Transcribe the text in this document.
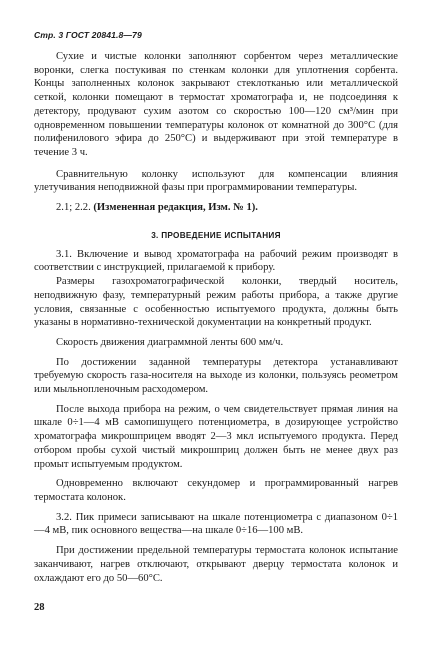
Стр. 3 ГОСТ 20841.8—79

Сухие и чистые колонки заполняют сорбентом через металлические воронки, слегка постукивая по стенкам колонки для уплотнения сорбента. Концы заполненных колонок закрывают стеклотканью или металлической сеткой, колонки помещают в термостат хроматографа и, не подсоединяя к детектору, продувают сухим азотом со скоростью 100—120 см³/мин при одновременном повышении температуры колонок от комнатной до 300°С (для полифенилового эфира до 250°С) и выдерживают при этой температуре в течение 3 ч.

Сравнительную колонку используют для компенсации влияния улетучивания неподвижной фазы при программировании температуры.

2.1; 2.2. (Измененная редакция, Изм. № 1).

3. ПРОВЕДЕНИЕ ИСПЫТАНИЯ

3.1. Включение и вывод хроматографа на рабочий режим производят в соответствии с инструкцией, прилагаемой к прибору.

Размеры газохроматографической колонки, твердый носитель, неподвижную фазу, температурный режим работы прибора, а также другие условия, связанные с особенностью испытуемого продукта, должны быть указаны в нормативно-технической документации на конкретный продукт.

Скорость движения диаграммной ленты 600 мм/ч.

По достижении заданной температуры детектора устанавливают требуемую скорость газа-носителя на выходе из колонки, пользуясь реометром или мыльнопленочным расходомером.

После выхода прибора на режим, о чем свидетельствует прямая линия на шкале 0÷1—4 мВ самопишущего потенциометра, в дозирующее устройство хроматографа микрошприцем вводят 2—3 мкл испытуемого продукта. Перед отбором пробы сухой чистый микрошприц должен быть не менее двух раз промыт испытуемым продуктом.

Одновременно включают секундомер и программированный нагрев термостата колонок.

3.2. Пик примеси записывают на шкале потенциометра с диапазоном 0÷1—4 мВ, пик основного вещества—на шкале 0÷16—100 мВ.

При достижении предельной температуры термостата колонок испытание заканчивают, нагрев отключают, открывают дверцу термостата колонок и охлаждают его до 50—60°С.

28
